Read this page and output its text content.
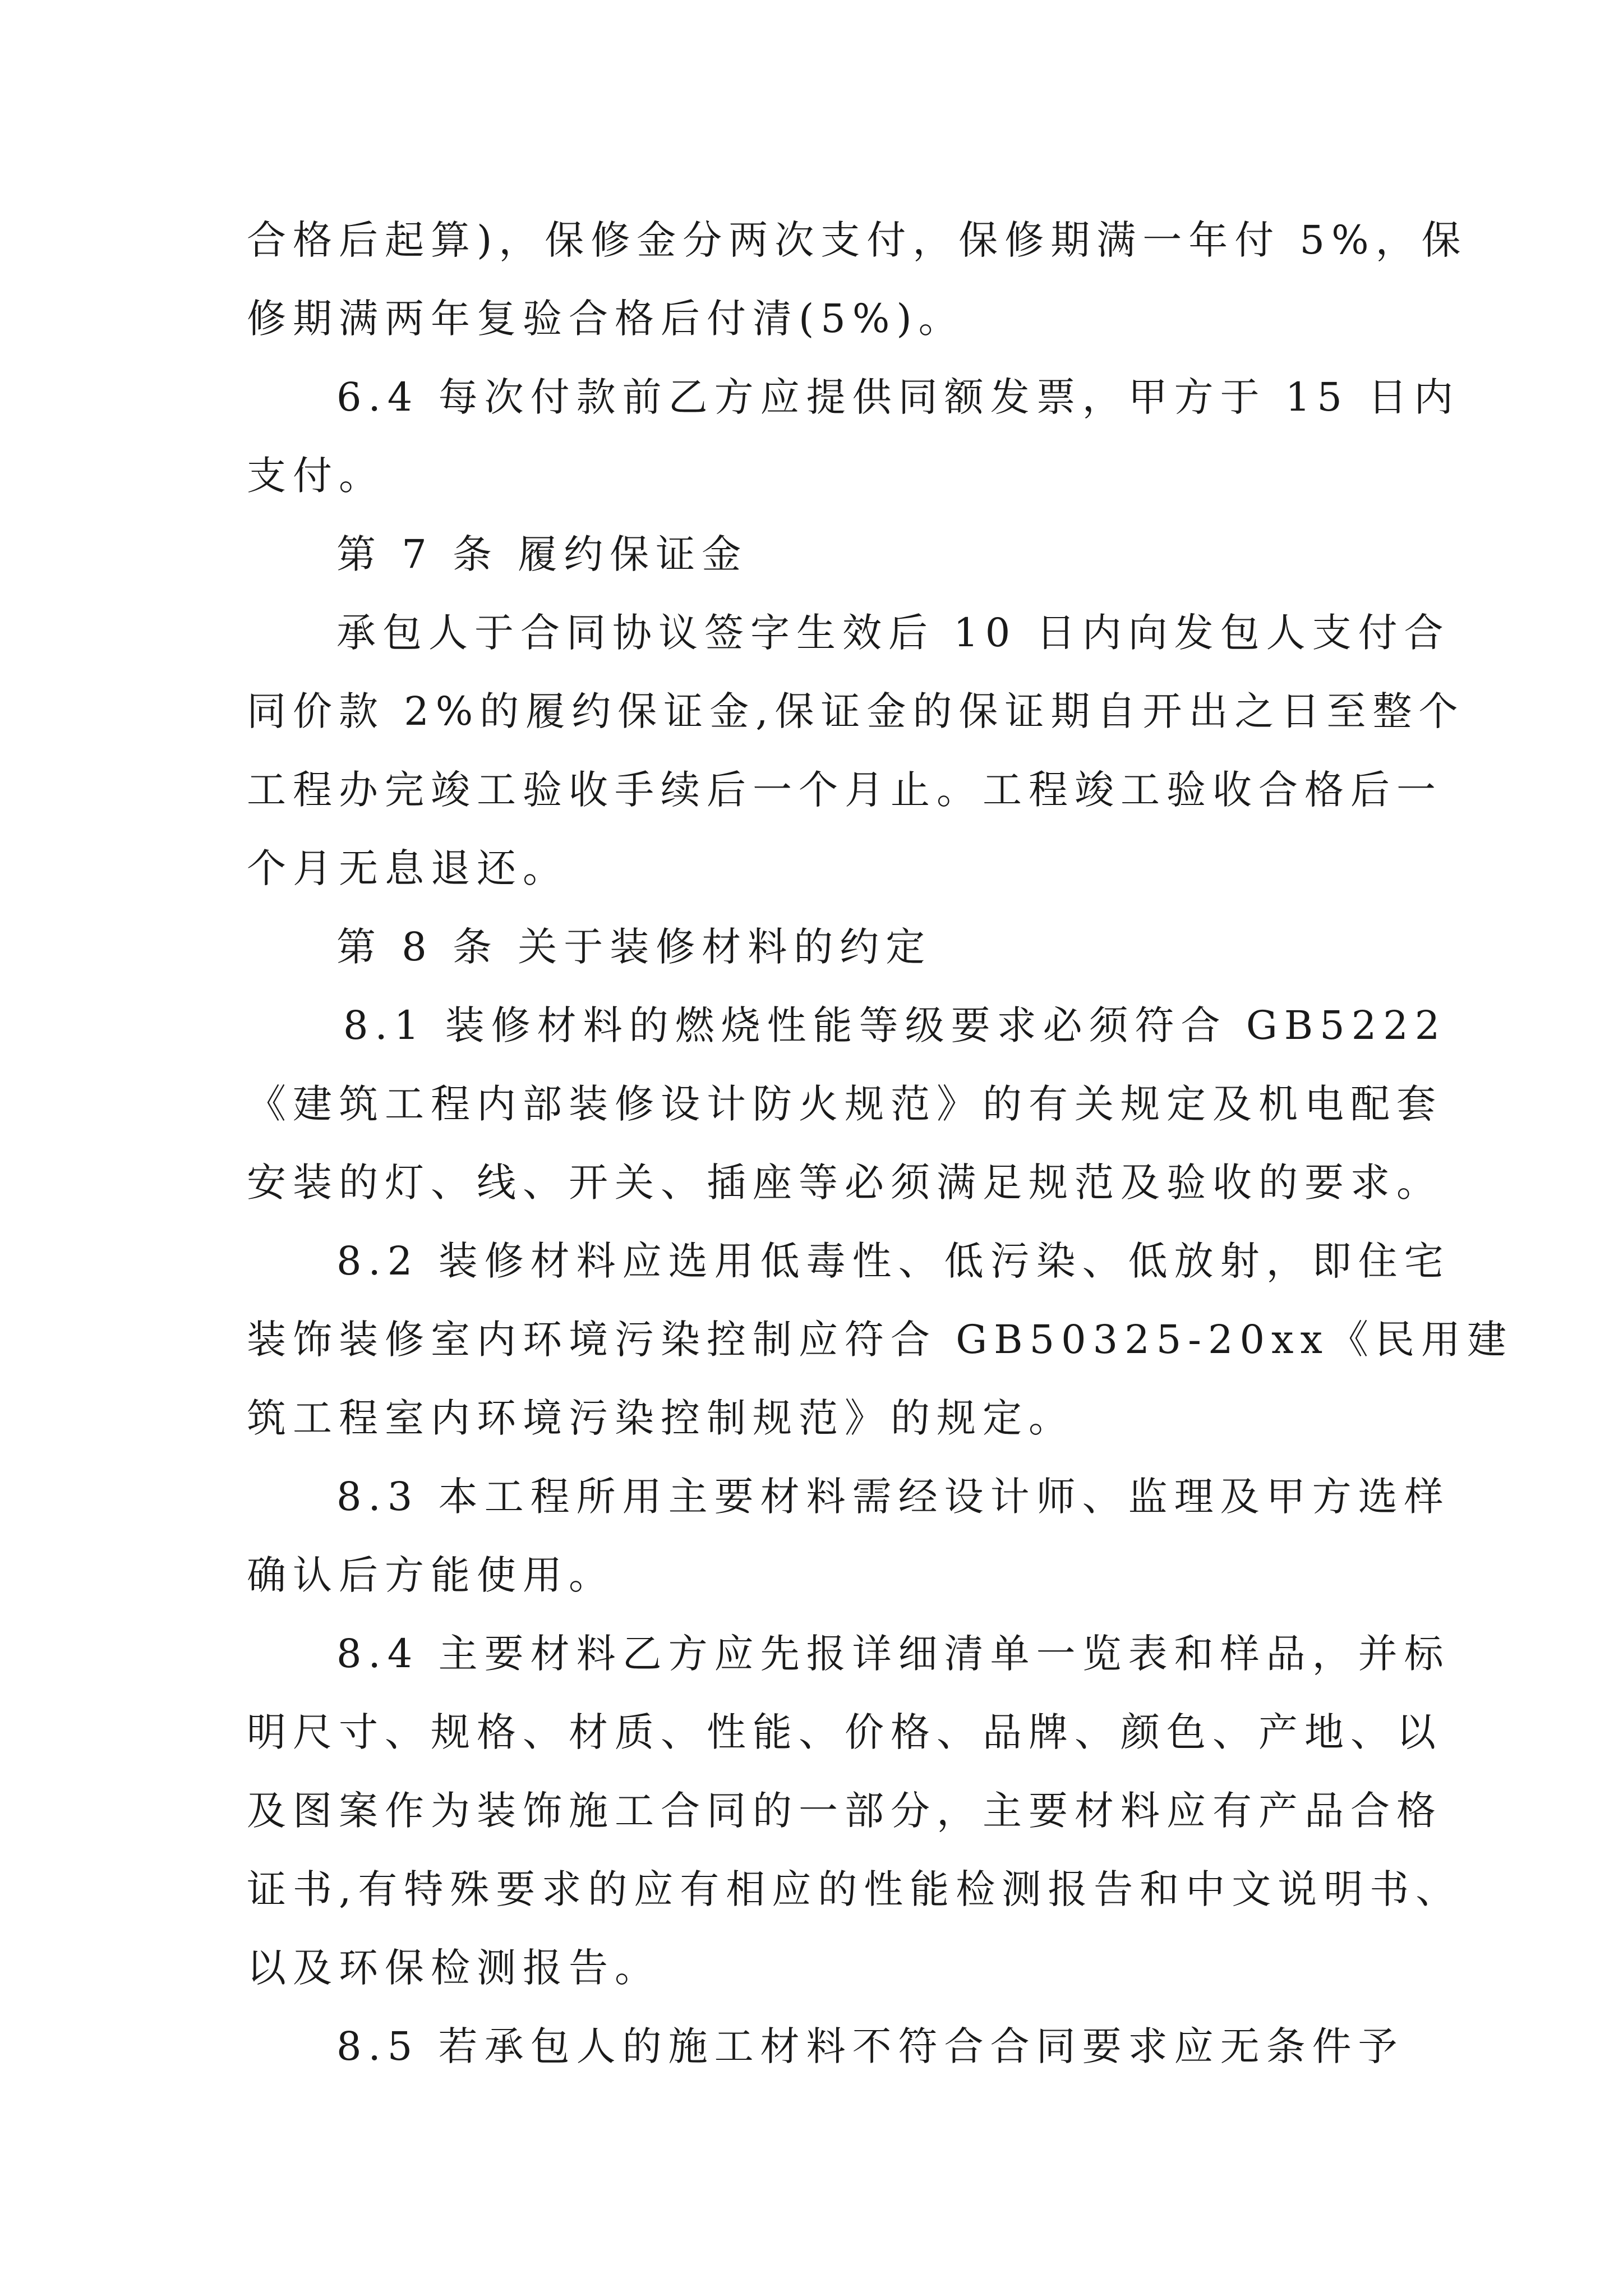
合格后起算)，保修金分两次支付，保修期满一年付 5%，保

修期满两年复验合格后付清(5%)。

6.4 每次付款前乙方应提供同额发票，甲方于 15 日内

支付。

第 7 条 履约保证金

承包人于合同协议签字生效后 10 日内向发包人支付合

同价款 2%的履约保证金,保证金的保证期自开出之日至整个

工程办完竣工验收手续后一个月止。工程竣工验收合格后一

个月无息退还。

第 8 条 关于装修材料的约定

8.1 装修材料的燃烧性能等级要求必须符合 GB5222

《建筑工程内部装修设计防火规范》的有关规定及机电配套

安装的灯、线、开关、插座等必须满足规范及验收的要求。

8.2 装修材料应选用低毒性、低污染、低放射，即住宅

装饰装修室内环境污染控制应符合 GB50325-20xx《民用建

筑工程室内环境污染控制规范》的规定。

8.3 本工程所用主要材料需经设计师、监理及甲方选样

确认后方能使用。

8.4 主要材料乙方应先报详细清单一览表和样品，并标

明尺寸、规格、材质、性能、价格、品牌、颜色、产地、以

及图案作为装饰施工合同的一部分，主要材料应有产品合格

证书,有特殊要求的应有相应的性能检测报告和中文说明书、

以及环保检测报告。

8.5 若承包人的施工材料不符合合同要求应无条件予
